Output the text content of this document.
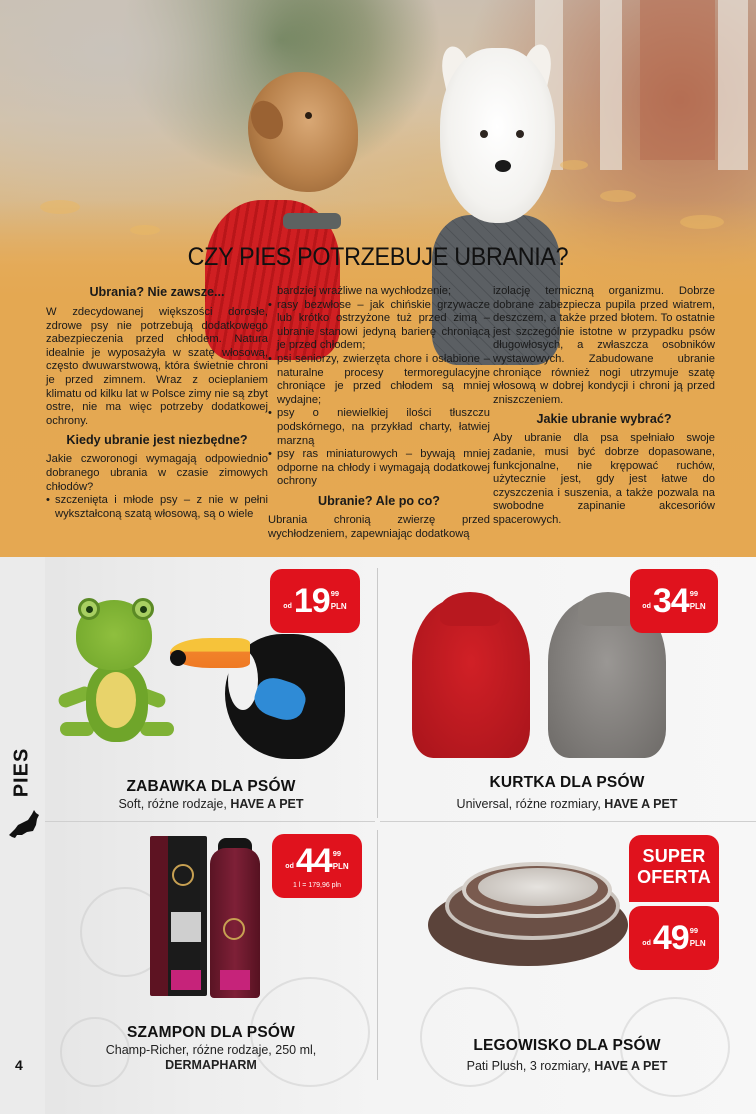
CZY PIES POTRZEBUJE UBRANIA?
Ubrania? Nie zawsze...

W zdecydowanej większości dorosłe, zdrowe psy nie potrzebują dodatkowego zabezpieczenia przed chłodem. Natura idealnie je wyposażyła w szatę włosową, często dwuwarstwową, która świetnie chroni je przed zimnem. Wraz z ocieplaniem klimatu od kilku lat w Polsce zimy nie są zbyt ostre, nie ma więc potrzeby dodatkowej ochrony.

Kiedy ubranie jest niezbędne?

Jakie czworonogi wymagają odpowiednio dobranego ubrania w czasie zimowych chłodów?

• szczenięta i młode psy – z nie w pełni wykształconą szatą włosową, są o wiele

bardziej wrażliwe na wychłodzenie;

• rasy bezwłose – jak chińskie grzywacze lub krótko ostrzyżone tuż przed zimą – ubranie stanowi jedyną barierę chroniącą je przed chłodem;
• psi seniorzy, zwierzęta chore i osłabione – naturalne procesy termoregulacyjne chroniące je przed chłodem są mniej wydajne;
• psy o niewielkiej ilości tłuszczu podskórnego, na przykład charty, łatwiej marzną
• psy ras miniaturowych – bywają mniej odporne na chłody i wymagają dodatkowej ochrony
Ubranie? Ale po co?

Ubrania chronią zwierzę przed wychłodzeniem, zapewniając dodatkową

izolację termiczną organizmu. Dobrze dobrane zabezpiecza pupila przed wiatrem, deszczem, a także przed błotem. To ostatnie jest szczególnie istotne w przypadku psów długowłosych, a zwłaszcza osobników wystawowych. Zabudowane ubranie chroniące również nogi utrzymuje szatę włosową w dobrej kondycji i chroni ją przed zniszczeniem.

Jakie ubranie wybrać?

Aby ubranie dla psa spełniało swoje zadanie, musi być dobrze dopasowane, funkcjonalne, nie krępować ruchów, użytecznie jest, gdy jest łatwe do czyszczenia i suszenia, a także pozwala na swobodne zapinanie akcesoriów spacerowych.

PIES
4
od 19 99
PLN
ZABAWKA DLA PSÓW
Soft, różne rodzaje, HAVE A PET
od 34 99
PLN
KURTKA DLA PSÓW
Universal, różne rozmiary, HAVE A PET
od 44 99
PLN
1 l = 179,96 pln
SZAMPON DLA PSÓW
Champ-Richer, różne rodzaje, 250 ml,
DERMAPHARM
SUPER
OFERTA
od 49 99
PLN
LEGOWISKO DLA PSÓW
Pati Plush, 3 rozmiary, HAVE A PET
